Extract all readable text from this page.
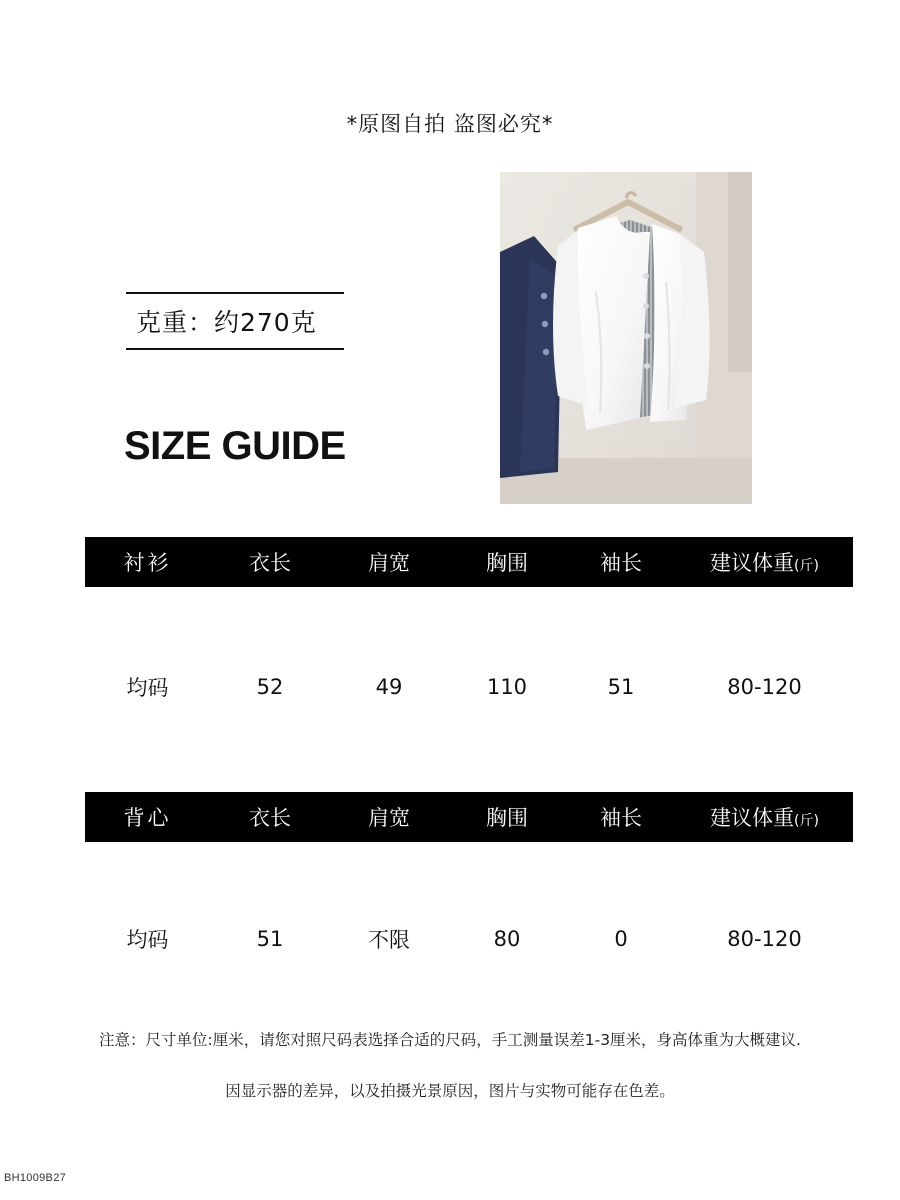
*原图自拍 盗图必究*
克重：约270克
SIZE GUIDE
衬衫	衣长	肩宽	胸围	袖长	建议体重(斤)
均码	52	49	110	51	80-120
背心	衣长	肩宽	胸围	袖长	建议体重(斤)
均码	51	不限	80	0	80-120
注意：尺寸单位:厘米，请您对照尺码表选择合适的尺码，手工测量误差1-3厘米，身高体重为大概建议.
因显示器的差异，以及拍摄光景原因，图片与实物可能存在色差。
BH1009B27
